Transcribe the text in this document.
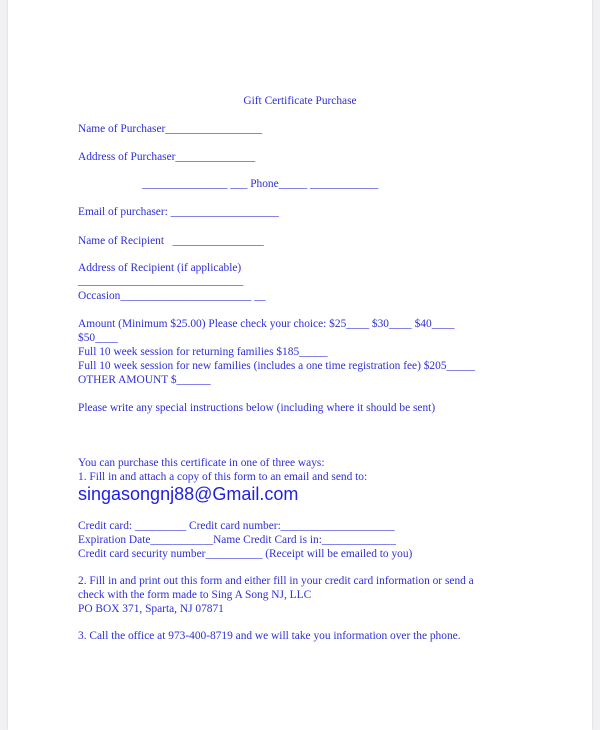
Gift Certificate Purchase
Name of Purchaser_________________
Address of Purchaser______________
_______________ ___ Phone_____ ____________
Email of purchaser: ___________________
Name of Recipient   ________________
Address of Recipient (if applicable)
_____________________________
Occasion_______________________ __
Amount (Minimum $25.00) Please check your choice: $25____ $30____ $40____
$50____
Full 10 week session for returning families $185_____
Full 10 week session for new families (includes a one time registration fee) $205_____
OTHER AMOUNT $______
Please write any special instructions below (including where it should be sent)
You can purchase this certificate in one of three ways:
1. Fill in and attach a copy of this form to an email and send to:
singasongnj88@Gmail.com
Credit card: _________ Credit card number:____________________
Expiration Date___________Name Credit Card is in:_____________
Credit card security number__________ (Receipt will be emailed to you)
2. Fill in and print out this form and either fill in your credit card information or send a
check with the form made to Sing A Song NJ, LLC
PO BOX 371, Sparta, NJ 07871
3. Call the office at 973-400-8719 and we will take you information over the phone.
